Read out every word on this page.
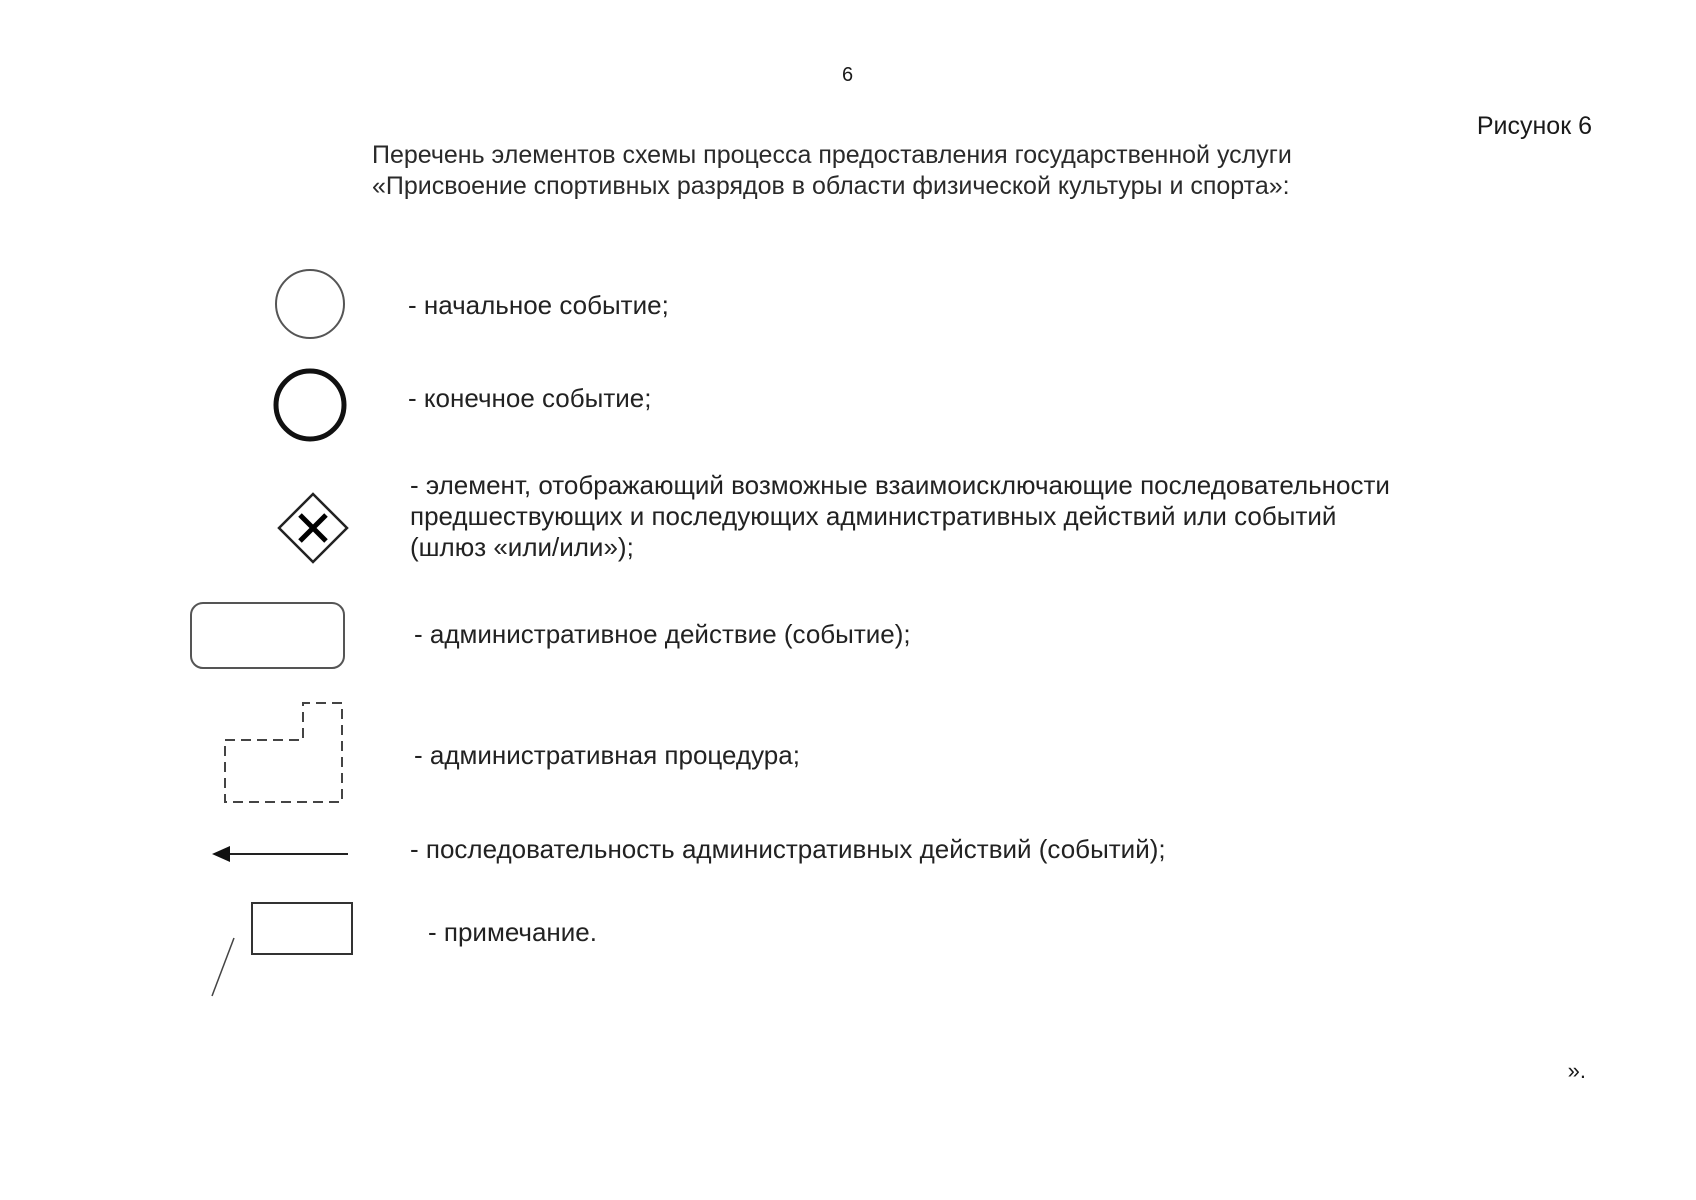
6
Рисунок 6
Перечень элементов схемы процесса предоставления государственной услуги
«Присвоение спортивных разрядов в области физической культуры и спорта»:
- начальное событие;
- конечное событие;
- элемент, отображающий возможные взаимоисключающие последовательности
предшествующих и последующих административных действий или событий
(шлюз «или/или»);
- административное действие (событие);
- административная процедура;
- последовательность административных действий (событий);
- примечание.
».
